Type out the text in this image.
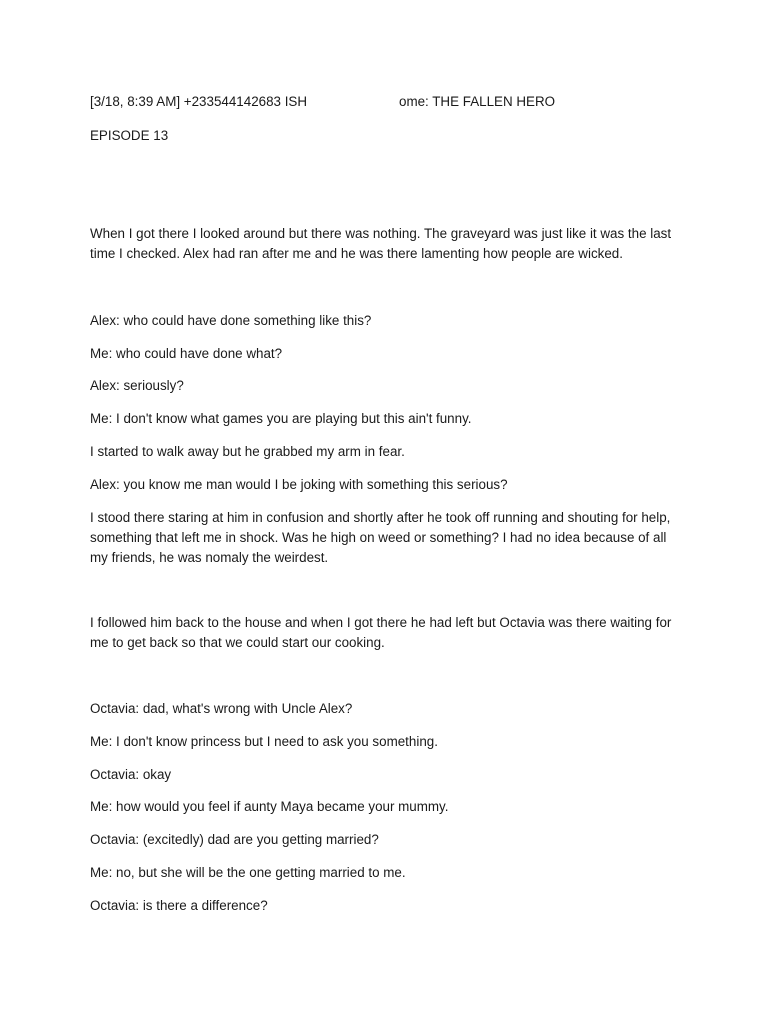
[3/18, 8:39 AM] +233544142683 ISH	ome: THE FALLEN HERO
EPISODE 13

When I got there I looked around but there was nothing. The graveyard was just like it was the last time I checked. Alex had ran after me and he was there lamenting how people are wicked.

Alex: who could have done something like this?

Me: who could have done what?

Alex: seriously?

Me: I don't know what games you are playing but this ain't funny.

I started to walk away but he grabbed my arm in fear.

Alex: you know me man would I be joking with something this serious?

I stood there staring at him in confusion and shortly after he took off running and shouting for help, something that left me in shock. Was he high on weed or something? I had no idea because of all my friends, he was nomaly the weirdest.

I followed him back to the house and when I got there he had left but Octavia was there waiting for me to get back so that we could start our cooking.

Octavia: dad, what's wrong with Uncle Alex?

Me: I don't know princess but I need to ask you something.

Octavia: okay

Me: how would you feel if aunty Maya became your mummy.

Octavia: (excitedly) dad are you getting married?

Me: no, but she will be the one getting married to me.

Octavia: is there a difference?
